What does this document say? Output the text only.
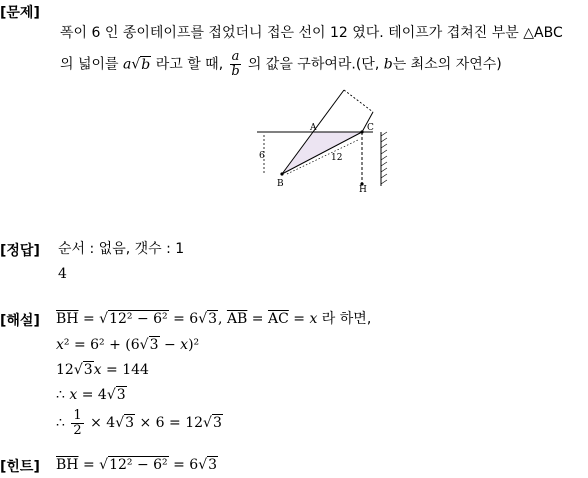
[문제]
폭이 6 인 종이테이프를 접었더니 접은 선이 12 였다. 테이프가 겹쳐진 부분 △ABC
의 넓이를 a√b 라고 할 때, $\frac{a}{b}$ 의 값을 구하여라.(단, b는 최소의 자연수)
A	C
B
H
6	12
[정답] 순서 : 없음, 갯수 : 1
4
[해설] $\overline{BH} = √12^2 - 6^2 = 6√3$, $\overline{AB} = \overline{AC} = x$ 라 하면,
x² = 6² + (6√3 − x)²
12√3x = 144
∴ x = 4√3
∴ $\frac{1}{2} \times 4√3 \times 6 = 12√3$
[힌트] $\overline{BH} = √12^2 - 6^2 = 6√3$
